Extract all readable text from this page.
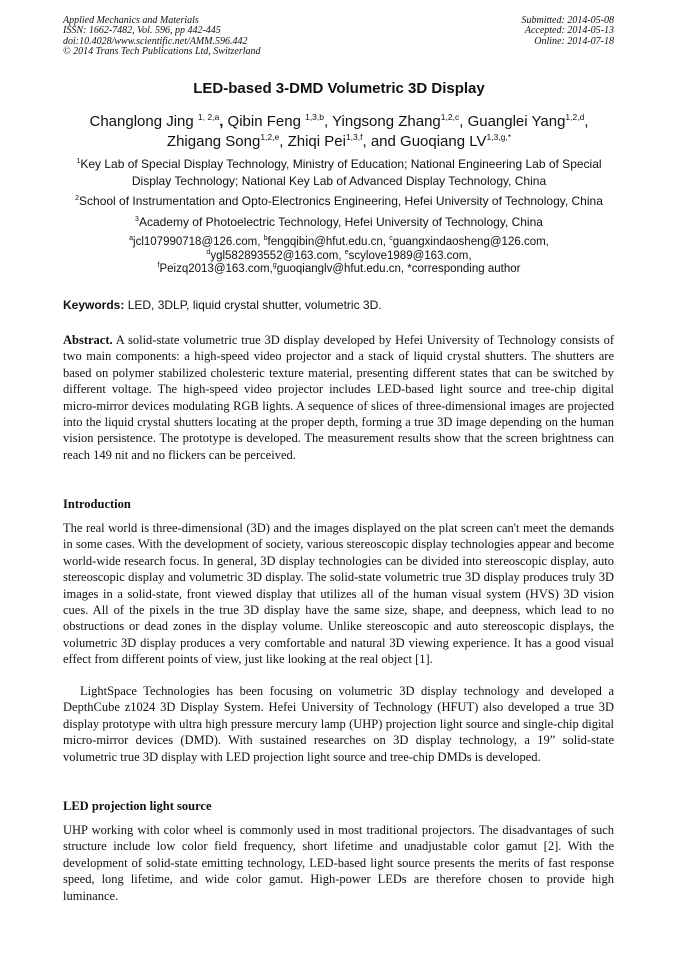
Applied Mechanics and Materials
ISSN: 1662-7482, Vol. 596, pp 442-445
doi:10.4028/www.scientific.net/AMM.596.442
© 2014 Trans Tech Publications Ltd, Switzerland
Submitted: 2014-05-08
Accepted: 2014-05-13
Online: 2014-07-18
LED-based 3-DMD Volumetric 3D Display
Changlong Jing $^{1, 2,a}$, Qibin Feng $^{1,3,b}$, Yingsong Zhang$^{1,2,c}$, Guanglei Yang$^{1,2,d}$,
Zhigang Song$^{1,2,e}$, Zhiqi Pei$^{1,3,f}$, and Guoqiang $LV^{1,3,g,*}$
$^1$Key Lab of Special Display Technology, Ministry of Education; National Engineering Lab of Special Display Technology; National Key Lab of Advanced Display Technology, China
$^2$School of Instrumentation and Opto-Electronics Engineering, Hefei University of Technology, China
$^3$Academy of Photoelectric Technology, Hefei University of Technology, China
$^a$jcl107990718@126.com, $^b$fengqibin@hfut.edu.cn, $^c$guangxindaosheng@126.com,
$^d$ygl582893552@163.com, $^e$scylove1989@163.com,
$^f$Peizq2013@163.com,$^g$guoqianglv@hfut.edu.cn, *corresponding author
Keywords: LED, 3DLP, liquid crystal shutter, volumetric 3D.
Abstract. A solid-state volumetric true 3D display developed by Hefei University of Technology consists of two main components: a high-speed video projector and a stack of liquid crystal shutters. The shutters are based on polymer stabilized cholesteric texture material, presenting different states that can be switched by different voltage. The high-speed video projector includes LED-based light source and tree-chip digital micro-mirror devices modulating RGB lights. A sequence of slices of three-dimensional images are projected into the liquid crystal shutters locating at the proper depth, forming a true 3D image depending on the human vision persistence. The prototype is developed. The measurement results show that the screen brightness can reach 149 nit and no flickers can be perceived.
Introduction
The real world is three-dimensional (3D) and the images displayed on the plat screen can't meet the demands in some cases. With the development of society, various stereoscopic display technologies appear and become world-wide research focus. In general, 3D display technologies can be divided into stereoscopic display, auto stereoscopic display and volumetric 3D display. The solid-state volumetric true 3D display produces truly 3D images in a solid-state, front viewed display that utilizes all of the human visual system (HVS) 3D vision cues. All of the pixels in the true 3D display have the same size, shape, and deepness, which lead to no obstructions or dead zones in the display volume. Unlike stereoscopic and auto stereoscopic displays, the volumetric 3D display produces a very comfortable and natural 3D viewing experience. It has a good visual effect from different points of view, just like looking at the real object [1].
LightSpace Technologies has been focusing on volumetric 3D display technology and developed a DepthCube z1024 3D Display System. Hefei University of Technology (HFUT) also developed a true 3D display prototype with ultra high pressure mercury lamp (UHP) projection light source and single-chip digital micro-mirror devices (DMD). With sustained researches on 3D display technology, a 19” solid-state volumetric true 3D display with LED projection light source and tree-chip DMDs is developed.
LED projection light source
UHP working with color wheel is commonly used in most traditional projectors. The disadvantages of such structure include low color field frequency, short lifetime and unadjustable color gamut [2]. With the development of solid-state emitting technology, LED-based light source presents the merits of fast response speed, long lifetime, and wide color gamut. High-power LEDs are therefore chosen to provide high luminance.
